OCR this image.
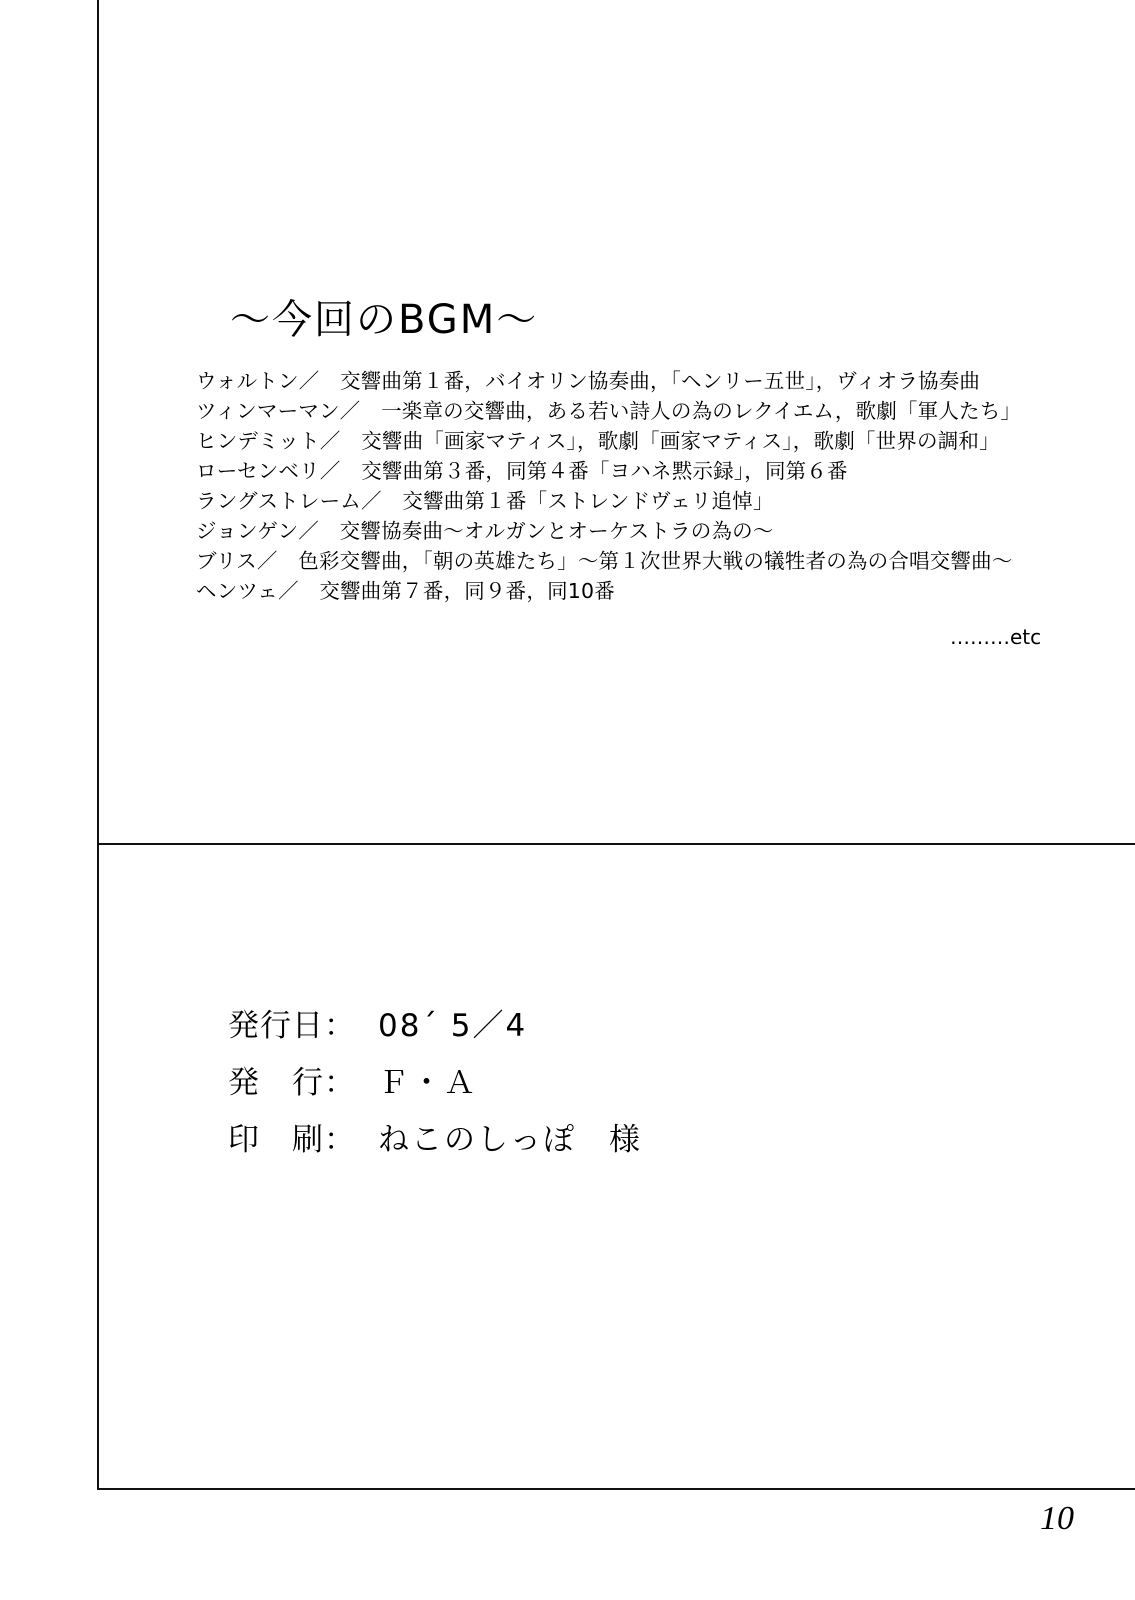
～今回のBGM～
ウォルトン／　交響曲第１番，バイオリン協奏曲，「ヘンリー五世」，ヴィオラ協奏曲
ツィンマーマン／　一楽章の交響曲，ある若い詩人の為のレクイエム，歌劇「軍人たち」
ヒンデミット／　交響曲「画家マティス」，歌劇「画家マティス」，歌劇「世界の調和」
ローセンベリ／　交響曲第３番，同第４番「ヨハネ黙示録」，同第６番
ラングストレーム／　交響曲第１番「ストレンドヴェリ追悼」
ジョンゲン／　交響協奏曲～オルガンとオーケストラの為の～
ブリス／　色彩交響曲，「朝の英雄たち」～第１次世界大戦の犠牲者の為の合唱交響曲～
ヘンツェ／　交響曲第７番，同９番，同10番
………etc
発行日： 08´ 5／4
発　行： Ｆ・Ａ
印　刷： ねこのしっぽ　様
10
